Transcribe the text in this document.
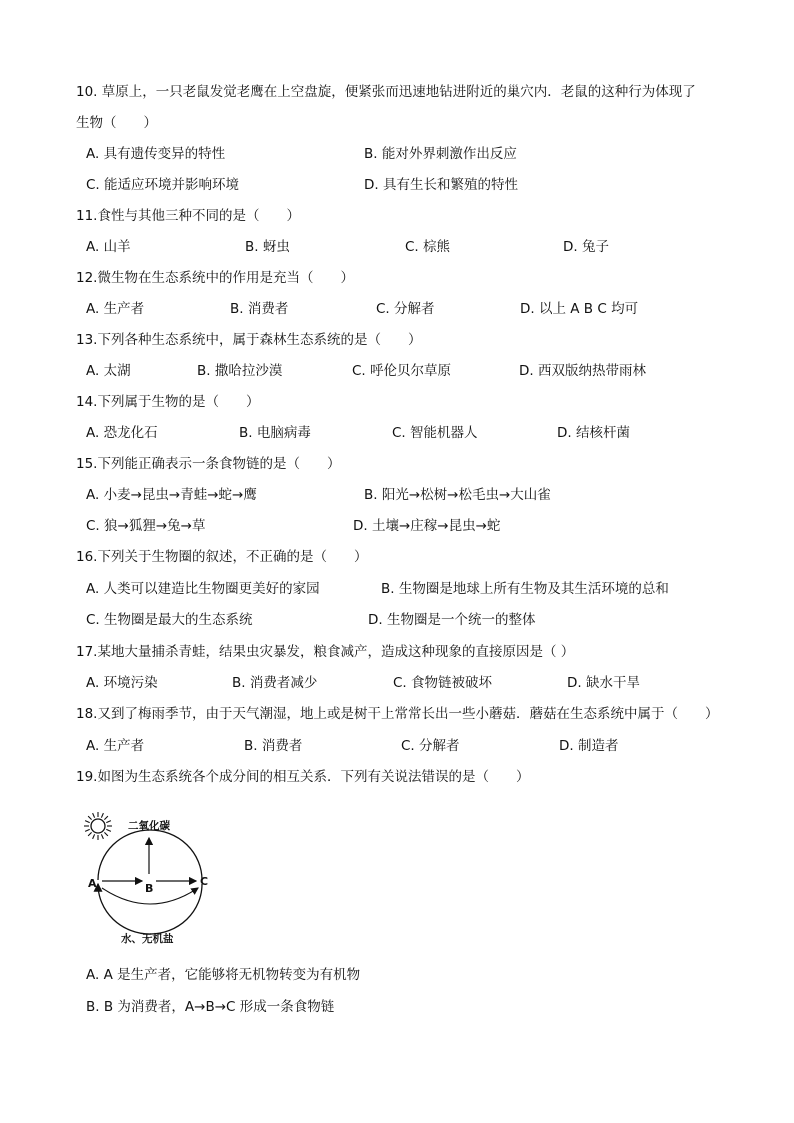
10. 草原上，一只老鼠发觉老鹰在上空盘旋，便紧张而迅速地钻进附近的巢穴内．老鼠的这种行为体现了
生物（　　）
A. 具有遗传变异的特性	B. 能对外界刺激作出反应
C. 能适应环境并影响环境	D. 具有生长和繁殖的特性
11.食性与其他三种不同的是（　　）
A. 山羊	B. 蚜虫	C. 棕熊	D. 兔子
12.微生物在生态系统中的作用是充当（　　）
A. 生产者	B. 消费者	C. 分解者	D. 以上 A B C 均可
13.下列各种生态系统中，属于森林生态系统的是（　　）
A. 太湖	B. 撒哈拉沙漠	C. 呼伦贝尔草原	D. 西双版纳热带雨林
14.下列属于生物的是（　　）
A. 恐龙化石	B. 电脑病毒	C. 智能机器人	D. 结核杆菌
15.下列能正确表示一条食物链的是（　　）
A. 小麦→昆虫→青蛙→蛇→鹰	B. 阳光→松树→松毛虫→大山雀
C. 狼→狐狸→兔→草	D. 土壤→庄稼→昆虫→蛇
16.下列关于生物圈的叙述，不正确的是（　　）
A. 人类可以建造比生物圈更美好的家园	B. 生物圈是地球上所有生物及其生活环境的总和
C. 生物圈是最大的生态系统	D. 生物圈是一个统一的整体
17.某地大量捕杀青蛙，结果虫灾暴发，粮食减产，造成这种现象的直接原因是（ ）
A. 环境污染	B. 消费者减少	C. 食物链被破坏	D. 缺水干旱
18.又到了梅雨季节，由于天气潮湿，地上或是树干上常常长出一些小蘑菇．蘑菇在生态系统中属于（　　）
A. 生产者	B. 消费者	C. 分解者	D. 制造者
19.如图为生态系统各个成分间的相互关系．下列有关说法错误的是（　　）
二氧化碳
A	B
C
水、无机盐
A. A 是生产者，它能够将无机物转变为有机物
B. B 为消费者，A→B→C 形成一条食物链
